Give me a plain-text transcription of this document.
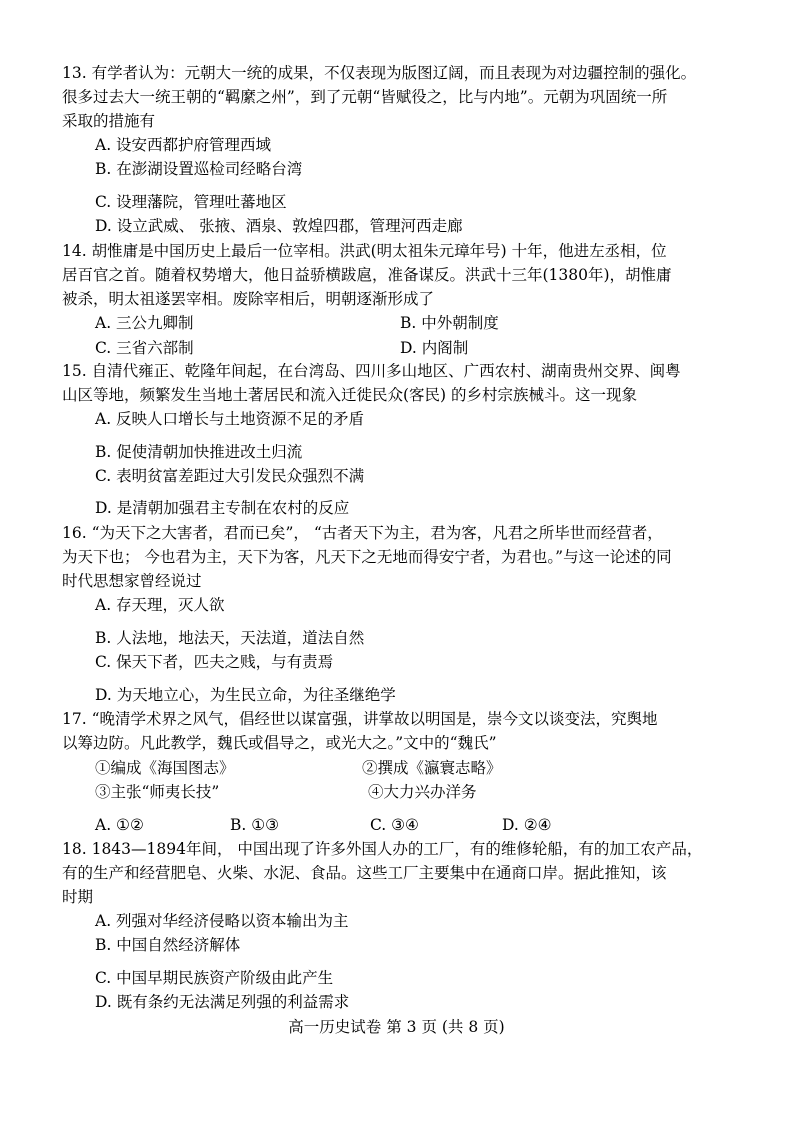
13. 有学者认为：元朝大一统的成果，不仅表现为版图辽阔，而且表现为对边疆控制的强化。
很多过去大一统王朝的“羁縻之州”，到了元朝“皆赋役之，比与内地”。元朝为巩固统一所
采取的措施有
A. 设安西都护府管理西域
B. 在澎湖设置巡检司经略台湾
C. 设理藩院，管理吐蕃地区
D. 设立武威、 张掖、酒泉、敦煌四郡，管理河西走廊
14. 胡惟庸是中国历史上最后一位宰相。洪武(明太祖朱元璋年号) 十年，他进左丞相，位
居百官之首。随着权势增大，他日益骄横跋扈，准备谋反。洪武十三年(1380年)，胡惟庸
被杀，明太祖遂罢宰相。废除宰相后，明朝逐渐形成了
A. 三公九卿制	B. 中外朝制度
C. 三省六部制	D. 内阁制
15. 自清代雍正、乾隆年间起，在台湾岛、四川多山地区、广西农村、湖南贵州交界、闽粤
山区等地，频繁发生当地土著居民和流入迁徙民众(客民) 的乡村宗族械斗。这一现象
A. 反映人口增长与土地资源不足的矛盾
B. 促使清朝加快推进改土归流
C. 表明贫富差距过大引发民众强烈不满
D. 是清朝加强君主专制在农村的反应
16. “为天下之大害者，君而已矣”， “古者天下为主，君为客，凡君之所毕世而经营者，
为天下也； 今也君为主，天下为客，凡天下之无地而得安宁者，为君也。”与这一论述的同
时代思想家曾经说过
A. 存天理，灭人欲
B. 人法地，地法天，天法道，道法自然
C. 保天下者，匹夫之贱，与有责焉
D. 为天地立心，为生民立命，为往圣继绝学
17. “晚清学术界之风气，倡经世以谋富强，讲掌故以明国是，崇今文以谈变法，究舆地
以筹边防。凡此教学，魏氏或倡导之，或光大之。”文中的“魏氏”
①编成《海国图志》	②撰成《瀛寰志略》
③主张“师夷长技”	④大力兴办洋务
A. ①②	B. ①③	C. ③④	D. ②④
18. 1843—1894年间， 中国出现了许多外国人办的工厂，有的维修轮船，有的加工农产品，
有的生产和经营肥皂、火柴、水泥、食品。这些工厂主要集中在通商口岸。据此推知，该
时期
A. 列强对华经济侵略以资本输出为主
B. 中国自然经济解体
C. 中国早期民族资产阶级由此产生
D. 既有条约无法满足列强的利益需求
高一历史试卷 第 3 页 (共 8 页)
